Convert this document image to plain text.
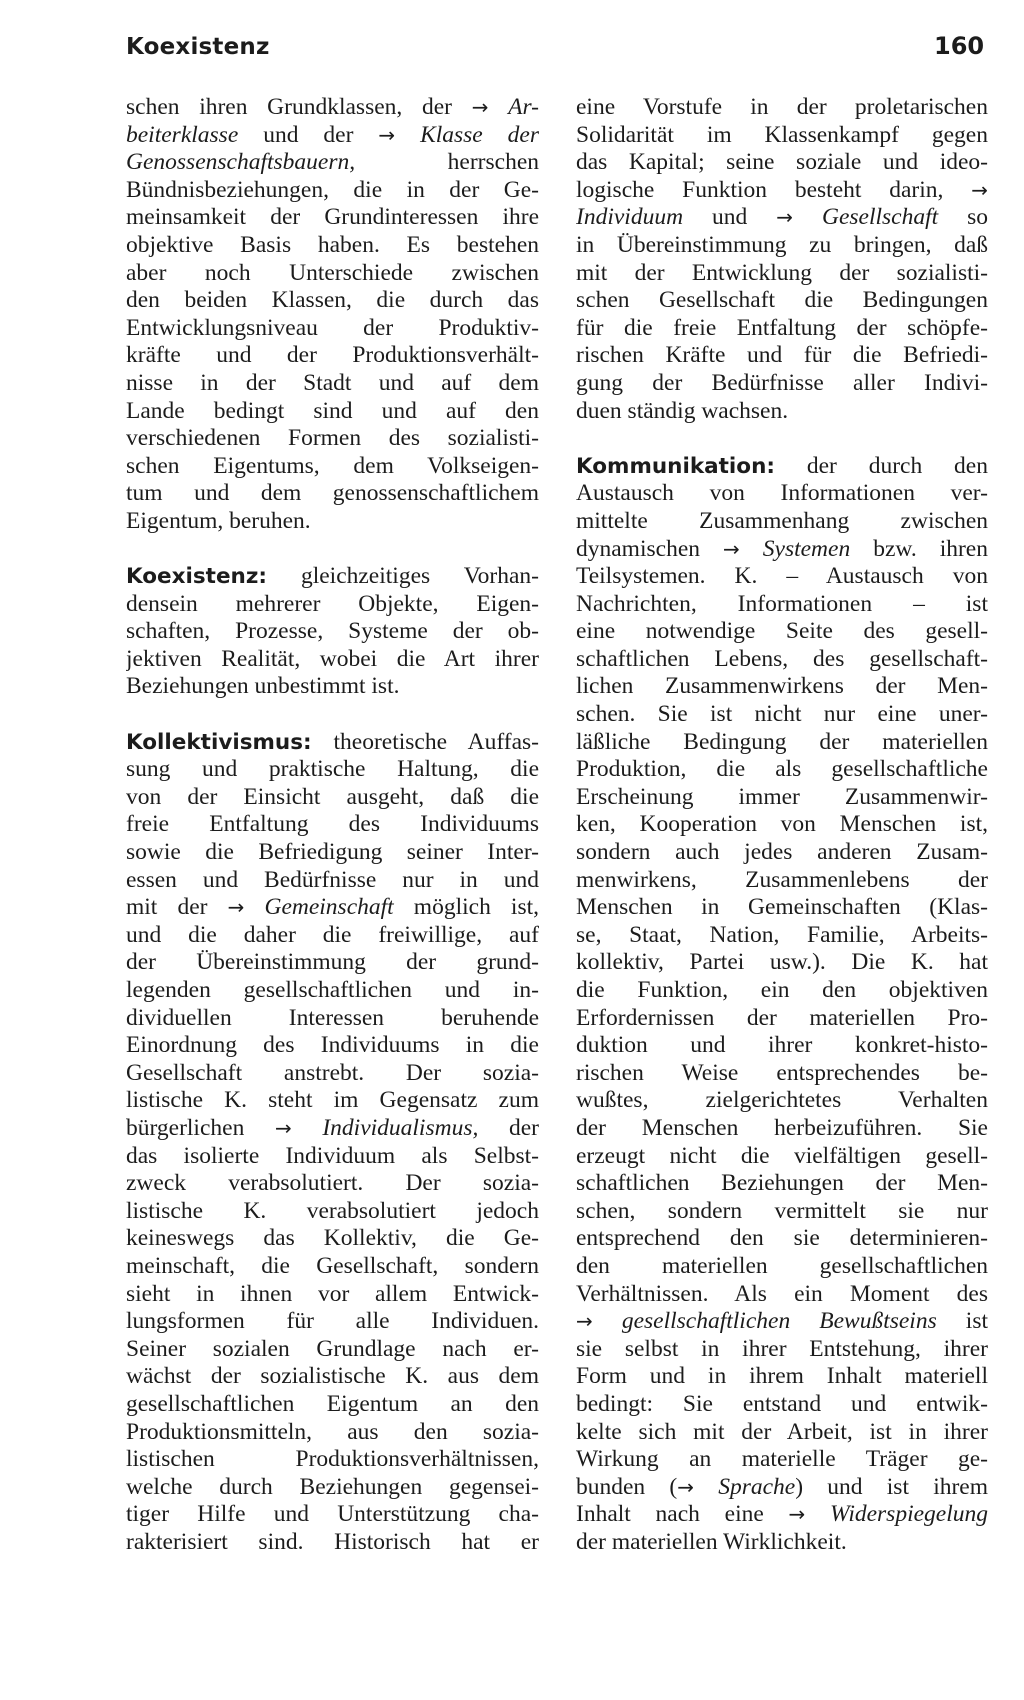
Koexistenz	160
schen ihren Grundklassen, der → Ar-
beiterklasse und der → Klasse der
Genossenschaftsbauern, herrschen
Bündnisbeziehungen, die in der Ge-
meinsamkeit der Grundinteressen ihre
objektive Basis haben. Es bestehen
aber noch Unterschiede zwischen
den beiden Klassen, die durch das
Entwicklungsniveau der Produktiv-
kräfte und der Produktionsverhält-
nisse in der Stadt und auf dem
Lande bedingt sind und auf den
verschiedenen Formen des sozialisti-
schen Eigentums, dem Volkseigen-
tum und dem genossenschaftlichem
Eigentum, beruhen.
Koexistenz: gleichzeitiges Vorhan-
densein mehrerer Objekte, Eigen-
schaften, Prozesse, Systeme der ob-
jektiven Realität, wobei die Art ihrer
Beziehungen unbestimmt ist.
Kollektivismus: theoretische Auffas-
sung und praktische Haltung, die
von der Einsicht ausgeht, daß die
freie Entfaltung des Individuums
sowie die Befriedigung seiner Inter-
essen und Bedürfnisse nur in und
mit der → Gemeinschaft möglich ist,
und die daher die freiwillige, auf
der Übereinstimmung der grund-
legenden gesellschaftlichen und in-
dividuellen Interessen beruhende
Einordnung des Individuums in die
Gesellschaft anstrebt. Der sozia-
listische K. steht im Gegensatz zum
bürgerlichen → Individualismus, der
das isolierte Individuum als Selbst-
zweck verabsolutiert. Der sozia-
listische K. verabsolutiert jedoch
keineswegs das Kollektiv, die Ge-
meinschaft, die Gesellschaft, sondern
sieht in ihnen vor allem Entwick-
lungsformen für alle Individuen.
Seiner sozialen Grundlage nach er-
wächst der sozialistische K. aus dem
gesellschaftlichen Eigentum an den
Produktionsmitteln, aus den sozia-
listischen Produktionsverhältnissen,
welche durch Beziehungen gegensei-
tiger Hilfe und Unterstützung cha-
rakterisiert sind. Historisch hat er
eine Vorstufe in der proletarischen
Solidarität im Klassenkampf gegen
das Kapital; seine soziale und ideo-
logische Funktion besteht darin, →
Individuum und → Gesellschaft so
in Übereinstimmung zu bringen, daß
mit der Entwicklung der sozialisti-
schen Gesellschaft die Bedingungen
für die freie Entfaltung der schöpfe-
rischen Kräfte und für die Befriedi-
gung der Bedürfnisse aller Indivi-
duen ständig wachsen.
Kommunikation: der durch den
Austausch von Informationen ver-
mittelte Zusammenhang zwischen
dynamischen → Systemen bzw. ihren
Teilsystemen. K. – Austausch von
Nachrichten, Informationen – ist
eine notwendige Seite des gesell-
schaftlichen Lebens, des gesellschaft-
lichen Zusammenwirkens der Men-
schen. Sie ist nicht nur eine uner-
läßliche Bedingung der materiellen
Produktion, die als gesellschaftliche
Erscheinung immer Zusammenwir-
ken, Kooperation von Menschen ist,
sondern auch jedes anderen Zusam-
menwirkens, Zusammenlebens der
Menschen in Gemeinschaften (Klas-
se, Staat, Nation, Familie, Arbeits-
kollektiv, Partei usw.). Die K. hat
die Funktion, ein den objektiven
Erfordernissen der materiellen Pro-
duktion und ihrer konkret-histo-
rischen Weise entsprechendes be-
wußtes, zielgerichtetes Verhalten
der Menschen herbeizuführen. Sie
erzeugt nicht die vielfältigen gesell-
schaftlichen Beziehungen der Men-
schen, sondern vermittelt sie nur
entsprechend den sie determinieren-
den materiellen gesellschaftlichen
Verhältnissen. Als ein Moment des
→ gesellschaftlichen Bewußtseins ist
sie selbst in ihrer Entstehung, ihrer
Form und in ihrem Inhalt materiell
bedingt: Sie entstand und entwik-
kelte sich mit der Arbeit, ist in ihrer
Wirkung an materielle Träger ge-
bunden (→ Sprache) und ist ihrem
Inhalt nach eine → Widerspiegelung
der materiellen Wirklichkeit.
